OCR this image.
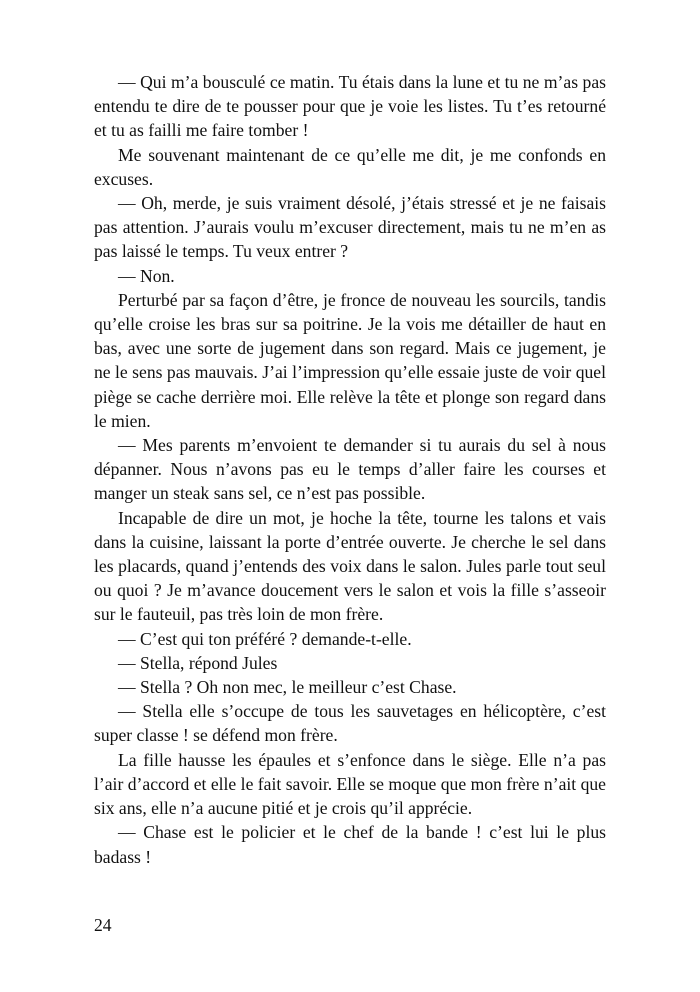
— Qui m’a bousculé ce matin. Tu étais dans la lune et tu ne m’as pas entendu te dire de te pousser pour que je voie les listes. Tu t’es retourné et tu as failli me faire tomber !

Me souvenant maintenant de ce qu’elle me dit, je me confonds en excuses.

— Oh, merde, je suis vraiment désolé, j’étais stressé et je ne faisais pas attention. J’aurais voulu m’excuser directement, mais tu ne m’en as pas laissé le temps. Tu veux entrer ?

— Non.

Perturbé par sa façon d’être, je fronce de nouveau les sourcils, tandis qu’elle croise les bras sur sa poitrine. Je la vois me détailler de haut en bas, avec une sorte de jugement dans son regard. Mais ce jugement, je ne le sens pas mauvais. J’ai l’impression qu’elle essaie juste de voir quel piège se cache derrière moi. Elle relève la tête et plonge son regard dans le mien.

— Mes parents m’envoient te demander si tu aurais du sel à nous dépanner. Nous n’avons pas eu le temps d’aller faire les courses et manger un steak sans sel, ce n’est pas possible.

Incapable de dire un mot, je hoche la tête, tourne les talons et vais dans la cuisine, laissant la porte d’entrée ouverte. Je cherche le sel dans les placards, quand j’entends des voix dans le salon. Jules parle tout seul ou quoi ? Je m’avance doucement vers le salon et vois la fille s’asseoir sur le fauteuil, pas très loin de mon frère.

— C’est qui ton préféré ? demande-t-elle.

— Stella, répond Jules

— Stella ? Oh non mec, le meilleur c’est Chase.

— Stella elle s’occupe de tous les sauvetages en hélicoptère, c’est super classe ! se défend mon frère.

La fille hausse les épaules et s’enfonce dans le siège. Elle n’a pas l’air d’accord et elle le fait savoir. Elle se moque que mon frère n’ait que six ans, elle n’a aucune pitié et je crois qu’il apprécie.

— Chase est le policier et le chef de la bande ! c’est lui le plus badass !

24
